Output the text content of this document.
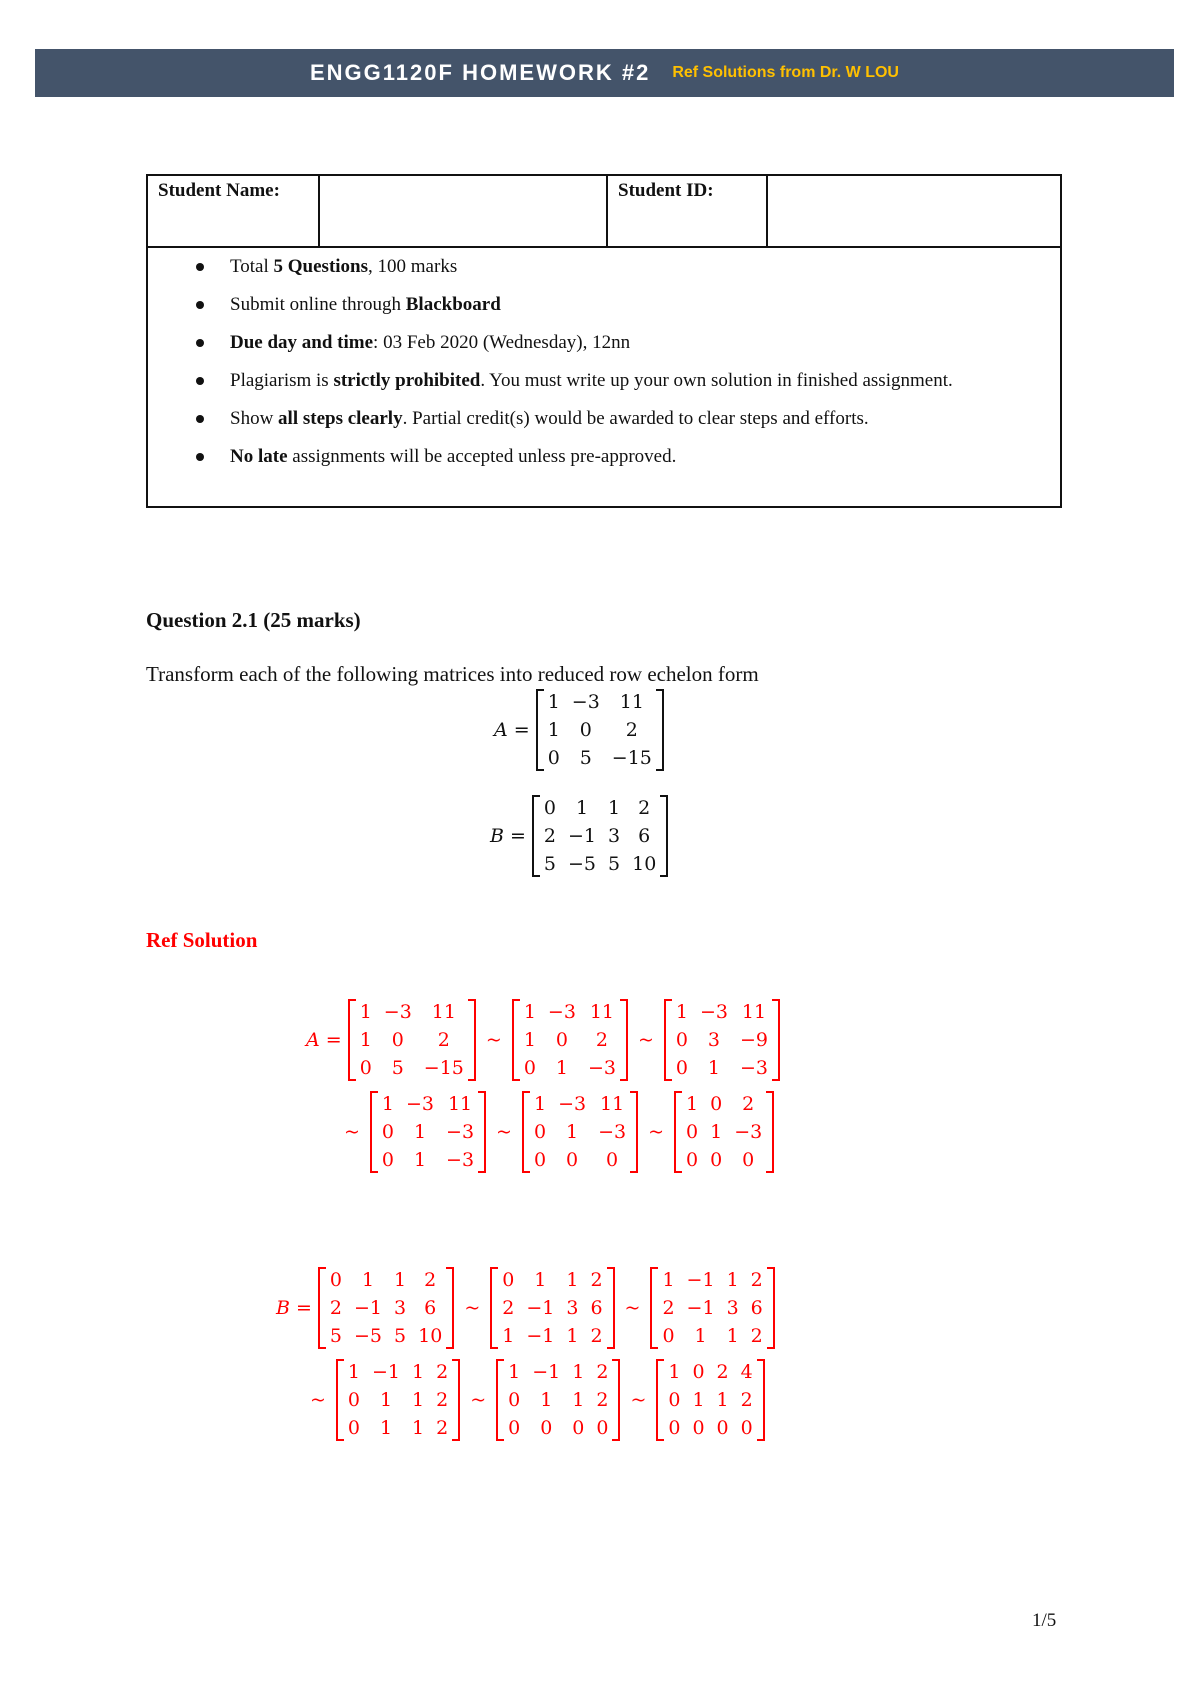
ENGG1120F HOMEWORK #2 Ref Solutions from Dr. W LOU
Student Name:	Student ID:
Total 5 Questions, 100 marks
Submit online through Blackboard
Due day and time: 03 Feb 2020 (Wednesday), 12nn
Plagiarism is strictly prohibited. You must write up your own solution in finished assignment.
Show all steps clearly. Partial credit(s) would be awarded to clear steps and efforts.
No late assignments will be accepted unless pre-approved.
Question 2.1 (25 marks)
Transform each of the following matrices into reduced row echelon form
A =
1 −3	11
1	0	2
0	5	−15
B =
0	1	1 2
2 −1 3 6
5 −5 5 10
Ref Solution
A =
1 −3	11
1	0	2
0	5	−15
~
1 −3 11
1	0	2
0	1	−3
~
1 −3 11
0	3	−9
0	1	−3
~
1 −3 11
0	1	−3
0	1	−3
~
1 −3 11
0	1	−3
0	0	0
~
1 0	2
0 1 −3
0 0	0
B =
0	1	1 2
2 −1 3 6
5 −5 5 10
~
0	1	1 2
2 −1 3 6
1 −1 1 2
~
1 −1 1 2
2 −1 3 6
0	1	1 2
~
1 −1 1 2
0	1	1 2
0	1	1 2
~
1 −1 1 2
0	1	1 2
0	0	0 0
~
1 0 2 4
0 1 1 2
0 0 0 0
1/5
